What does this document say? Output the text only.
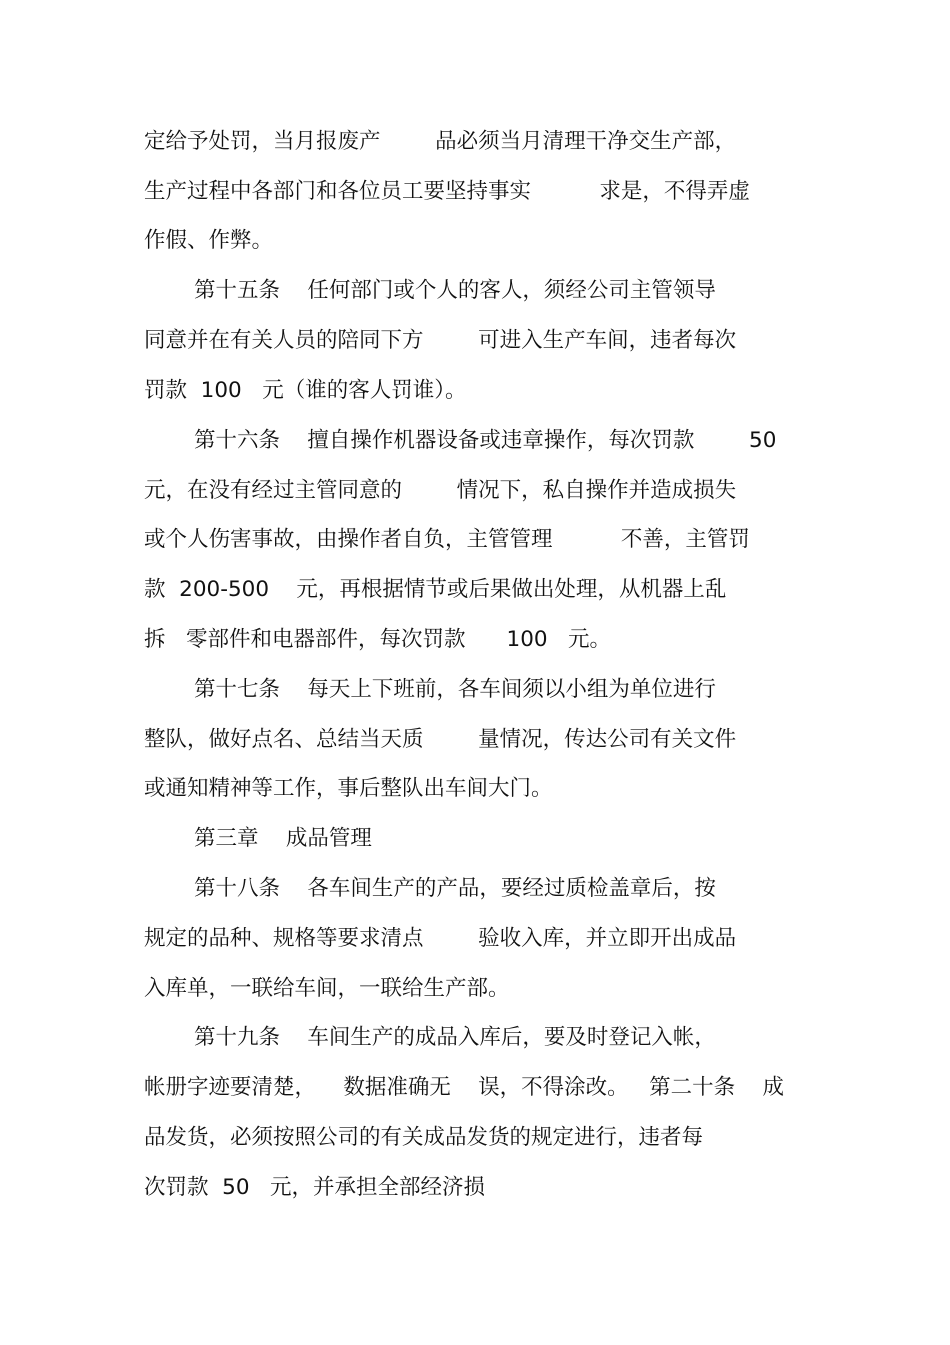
定给予处罚，当月报废产        品必须当月清理干净交生产部，
生产过程中各部门和各位员工要坚持事实          求是，不得弄虚
作假、作弊。
第十五条    任何部门或个人的客人，须经公司主管领导
同意并在有关人员的陪同下方        可进入生产车间，违者每次
罚款  100   元（谁的客人罚谁）。
第十六条    擅自操作机器设备或违章操作，每次罚款        50
元，在没有经过主管同意的        情况下，私自操作并造成损失
或个人伤害事故，由操作者自负，主管管理          不善，主管罚
款  200-500    元，再根据情节或后果做出处理，从机器上乱
拆   零部件和电器部件，每次罚款      100   元。
第十七条    每天上下班前，各车间须以小组为单位进行
整队，做好点名、总结当天质        量情况，传达公司有关文件
或通知精神等工作，事后整队出车间大门。
第三章    成品管理
第十八条    各车间生产的产品，要经过质检盖章后，按
规定的品种、规格等要求清点        验收入库，并立即开出成品
入库单，一联给车间，一联给生产部。
第十九条    车间生产的成品入库后，要及时登记入帐，
帐册字迹要清楚，    数据准确无    误，不得涂改。   第二十条    成
品发货，必须按照公司的有关成品发货的规定进行，违者每
次罚款  50   元，并承担全部经济损
